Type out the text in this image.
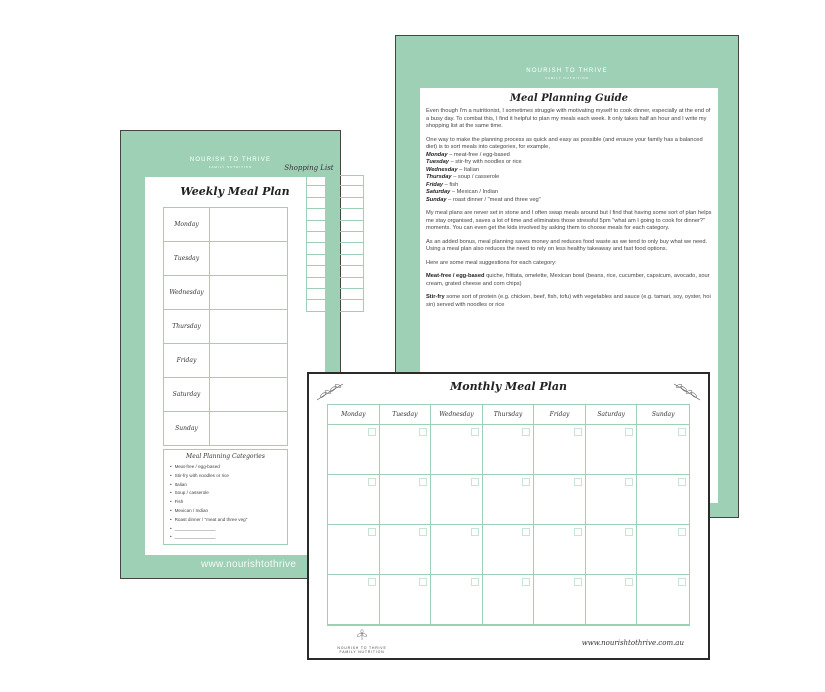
NOURISH TO THRIVE
FAMILY NUTRITION
Weekly Meal Plan
Monday
Tuesday
Wednesday
Thursday
Friday
Saturday
Sunday
Meal Planning Categories
• Meat-free / egg-based
• Stir-fry with noodles or rice
• Italian
• Soup / casserole
• Fish
• Mexican / Indian
• Roast dinner / "meat and three veg"
• ________________
• ________________
Shopping List
www.nourishtothrive
NOURISH TO THRIVE
FAMILY NUTRITION
Meal Planning Guide

Even though I'm a nutritionist, I sometimes struggle with motivating myself to cook dinner, especially at the end of a busy day. To combat this, I find it helpful to plan my meals each week. It only takes half an hour and I write my shopping list at the same time.

One way to make the planning process as quick and easy as possible (and ensure your family has a balanced diet) is to sort meals into categories, for example,
Monday – meat-free / egg-based
Tuesday – stir-fry with noodles or rice
Wednesday – Italian
Thursday – soup / casserole
Friday – fish
Saturday – Mexican / Indian
Sunday – roast dinner / "meat and three veg"

My meal plans are never set in stone and I often swap meals around but I find that having some sort of plan helps me stay organised, saves a lot of time and eliminates those stressful 5pm "what am I going to cook for dinner?" moments. You can even get the kids involved by asking them to choose meals for each category.

As an added bonus, meal planning saves money and reduces food waste as we tend to only buy what we need. Using a meal plan also reduces the need to rely on less healthy takeaway and fast food options.

Here are some meal suggestions for each category:

Meat-free / egg-based quiche, frittata, omelette, Mexican bowl (beans, rice, cucumber, capsicum, avocado, sour cream, grated cheese and corn chips)

Stir-fry some sort of protein (e.g. chicken, beef, fish, tofu) with vegetables and sauce (e.g. tamari, soy, oyster, hoi sin) served with noodles or rice

Monthly Meal Plan
Monday	Tuesday	Wednesday	Thursday	Friday	Saturday	Sunday
NOURISH TO THRIVE
FAMILY NUTRITION
www.nourishtothrive.com.au
